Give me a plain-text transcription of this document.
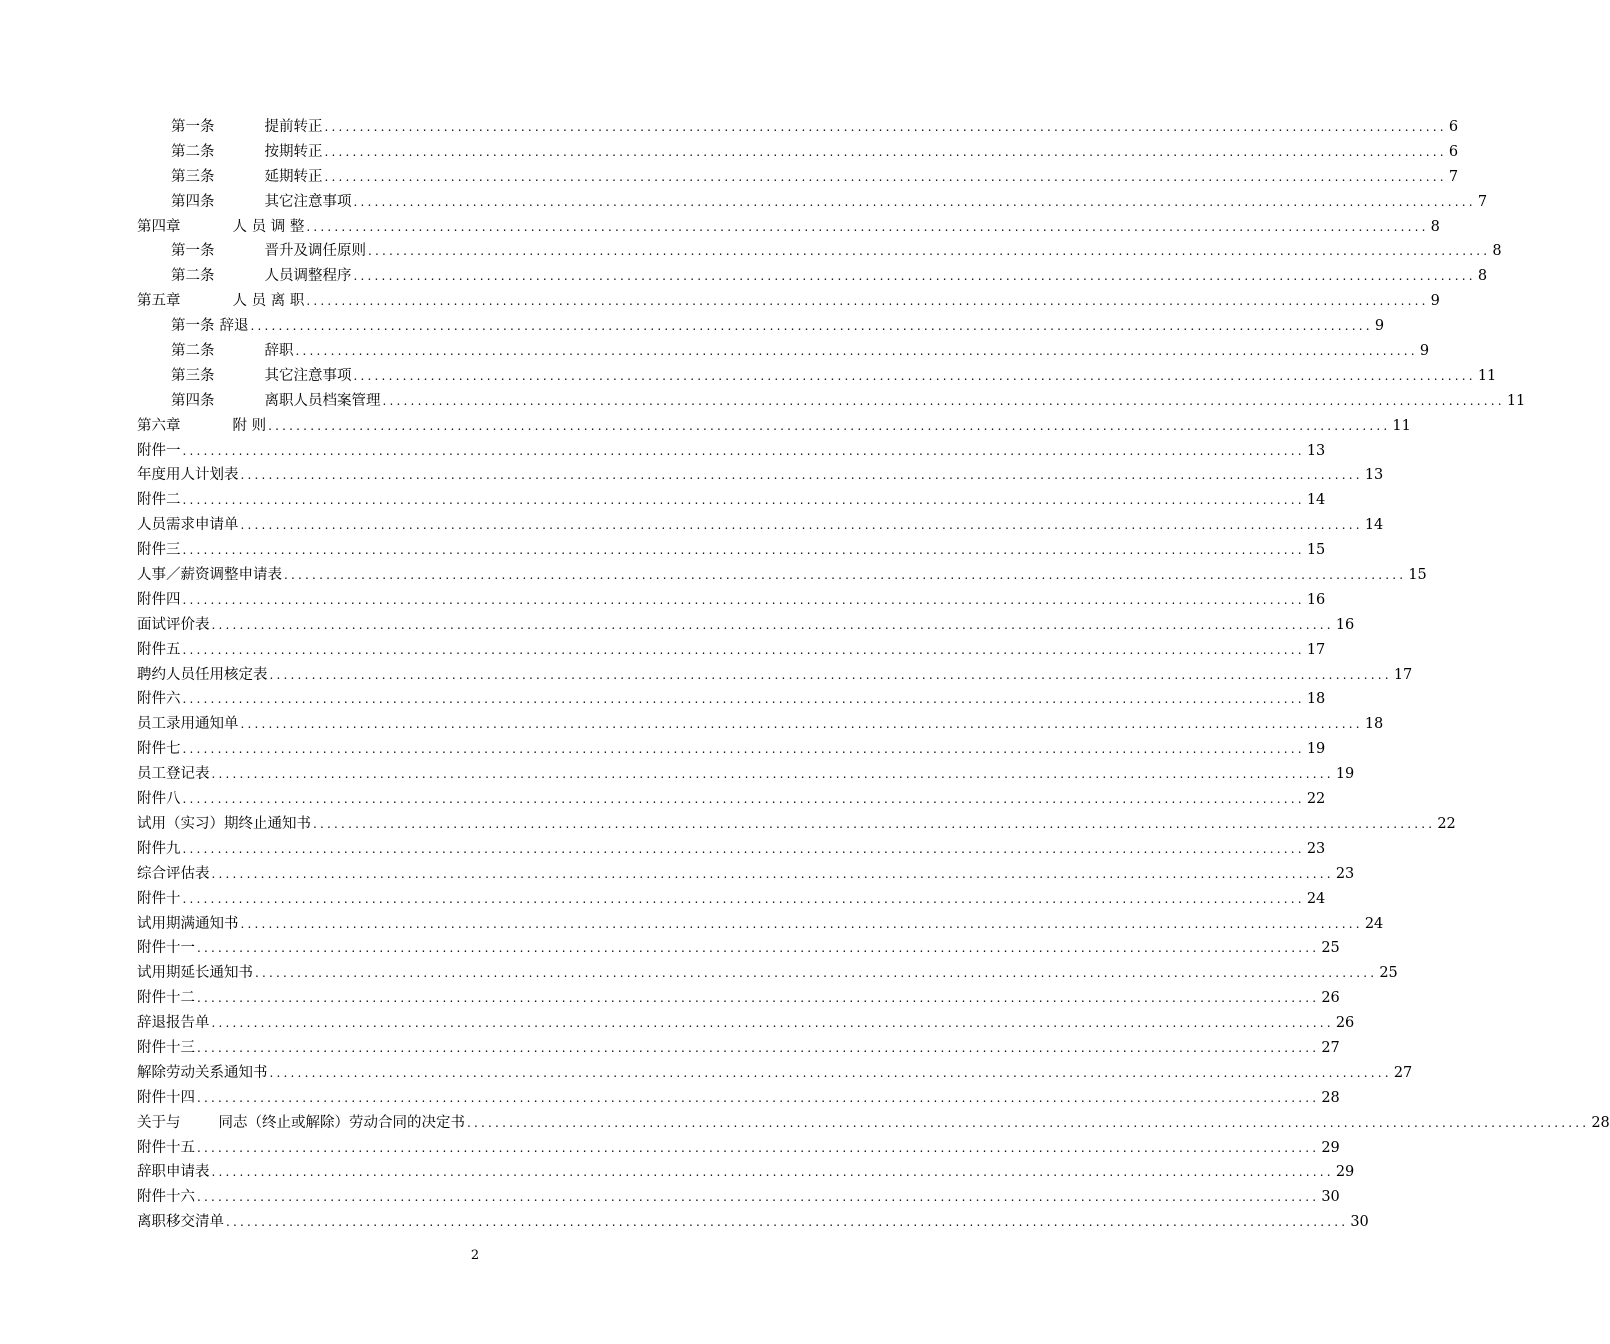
第一条	提前转正 ................................................................................................................................................................ 6
第二条	按期转正 ................................................................................................................................................................ 6
第三条	延期转正 ................................................................................................................................................................ 7
第四条	其它注意事项 ................................................................................................................................................................ 7
第四章	人 员 调 整 ................................................................................................................................................................ 8
第一条	晋升及调任原则 ................................................................................................................................................................ 8
第二条	人员调整程序 ................................................................................................................................................................ 8
第五章	人 员 离 职 ................................................................................................................................................................ 9
第一条 辞退 ................................................................................................................................................................ 9
第二条	辞职 ................................................................................................................................................................ 9
第三条	其它注意事项 ................................................................................................................................................................ 11
第四条	离职人员档案管理 ................................................................................................................................................................ 11
第六章	附 则 ................................................................................................................................................................ 11
附件一 ................................................................................................................................................................ 13
年度用人计划表 ................................................................................................................................................................ 13
附件二 ................................................................................................................................................................ 14
人员需求申请单 ................................................................................................................................................................ 14
附件三 ................................................................................................................................................................ 15
人事／薪资调整申请表 ................................................................................................................................................................ 15
附件四 ................................................................................................................................................................ 16
面试评价表 ................................................................................................................................................................ 16
附件五 ................................................................................................................................................................ 17
聘约人员任用核定表 ................................................................................................................................................................ 17
附件六 ................................................................................................................................................................ 18
员工录用通知单 ................................................................................................................................................................ 18
附件七 ................................................................................................................................................................ 19
员工登记表 ................................................................................................................................................................ 19
附件八 ................................................................................................................................................................ 22
试用（实习）期终止通知书 ................................................................................................................................................................ 22
附件九 ................................................................................................................................................................ 23
综合评估表 ................................................................................................................................................................ 23
附件十 ................................................................................................................................................................ 24
试用期满通知书 ................................................................................................................................................................ 24
附件十一 ................................................................................................................................................................ 25
试用期延长通知书 ................................................................................................................................................................ 25
附件十二 ................................................................................................................................................................ 26
辞退报告单 ................................................................................................................................................................ 26
附件十三 ................................................................................................................................................................ 27
解除劳动关系通知书 ................................................................................................................................................................ 27
附件十四 ................................................................................................................................................................ 28
关于与	同志（终止或解除）劳动合同的决定书 ................................................................................................................................................................ 28
附件十五 ................................................................................................................................................................ 29
辞职申请表 ................................................................................................................................................................ 29
附件十六 ................................................................................................................................................................ 30
离职移交清单 ................................................................................................................................................................ 30
2
